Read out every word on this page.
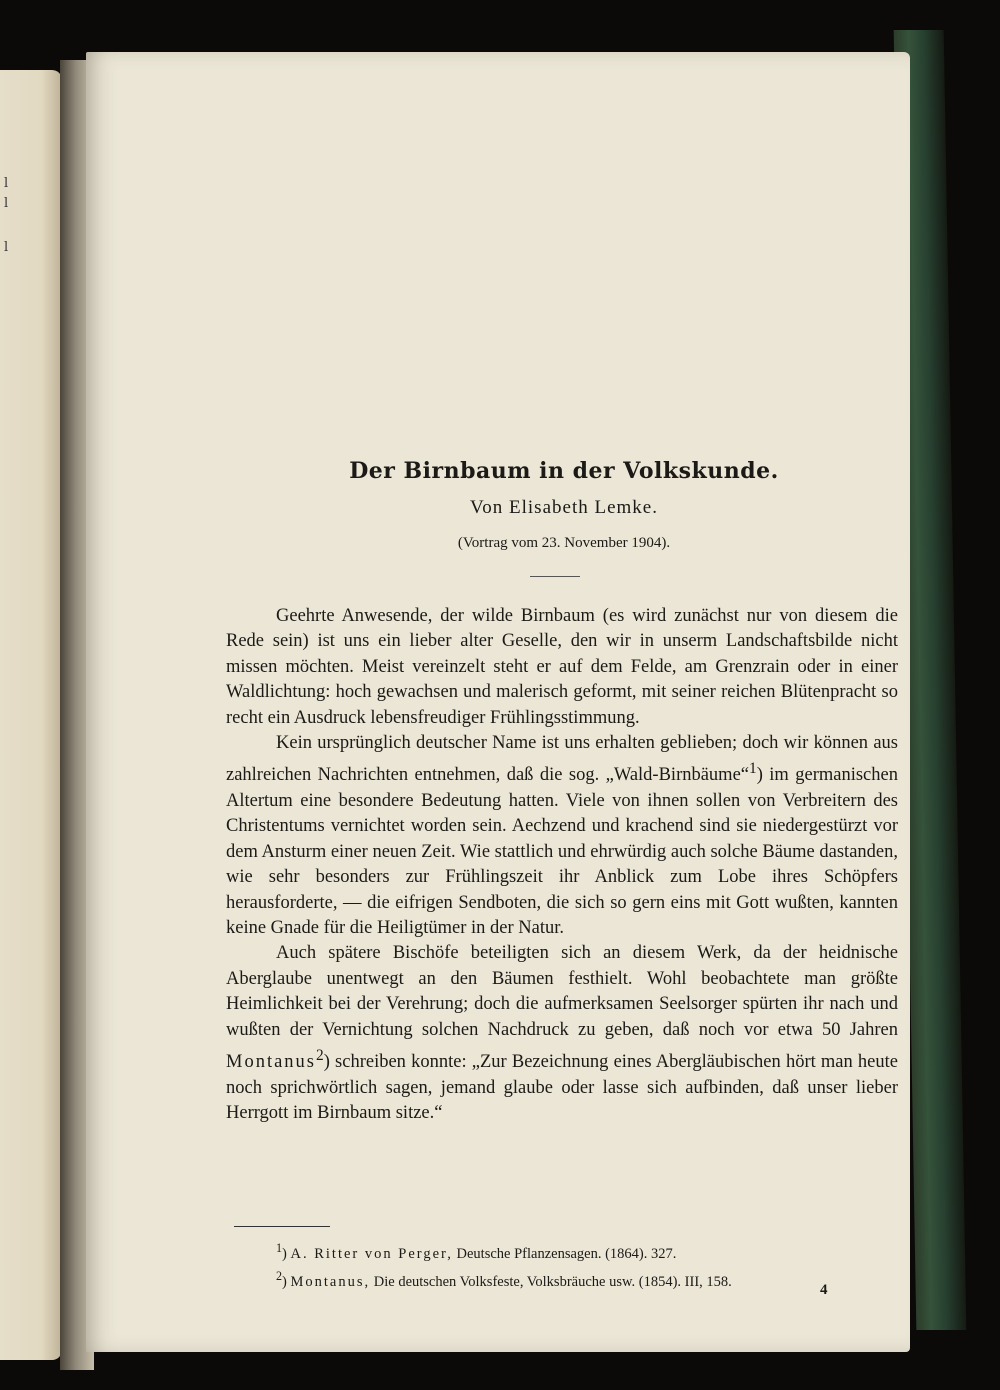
l
l
l
Der Birnbaum in der Volkskunde.
Von Elisabeth Lemke.
(Vortrag vom 23. November 1904).

Geehrte Anwesende, der wilde Birnbaum (es wird zunächst nur von diesem die Rede sein) ist uns ein lieber alter Geselle, den wir in unserm Landschaftsbilde nicht missen möchten. Meist vereinzelt steht er auf dem Felde, am Grenzrain oder in einer Waldlichtung: hoch gewachsen und malerisch geformt, mit seiner reichen Blütenpracht so recht ein Ausdruck lebensfreudiger Frühlingsstimmung.

Kein ursprünglich deutscher Name ist uns erhalten geblieben; doch wir können aus zahlreichen Nachrichten entnehmen, daß die sog. „Wald-Birnbäume“$^1$) im germanischen Altertum eine besondere Bedeutung hatten. Viele von ihnen sollen von Verbreitern des Christentums vernichtet worden sein. Aechzend und krachend sind sie niedergestürzt vor dem Ansturm einer neuen Zeit. Wie stattlich und ehrwürdig auch solche Bäume dastanden, wie sehr besonders zur Frühlingszeit ihr Anblick zum Lobe ihres Schöpfers herausforderte, — die eifrigen Sendboten, die sich so gern eins mit Gott wußten, kannten keine Gnade für die Heiligtümer in der Natur.

Auch spätere Bischöfe beteiligten sich an diesem Werk, da der heidnische Aberglaube unentwegt an den Bäumen festhielt. Wohl beobachtete man größte Heimlichkeit bei der Verehrung; doch die aufmerksamen Seelsorger spürten ihr nach und wußten der Vernichtung solchen Nachdruck zu geben, daß noch vor etwa 50 Jahren Montanus$^2$) schreiben konnte: „Zur Bezeichnung eines Abergläubischen hört man heute noch sprichwörtlich sagen, jemand glaube oder lasse sich aufbinden, daß unser lieber Herrgott im Birnbaum sitze.“

$^1$) A. Ritter von Perger, Deutsche Pflanzensagen. (1864). 327.
$^2$) Montanus, Die deutschen Volksfeste, Volksbräuche usw. (1854). III, 158.
4
